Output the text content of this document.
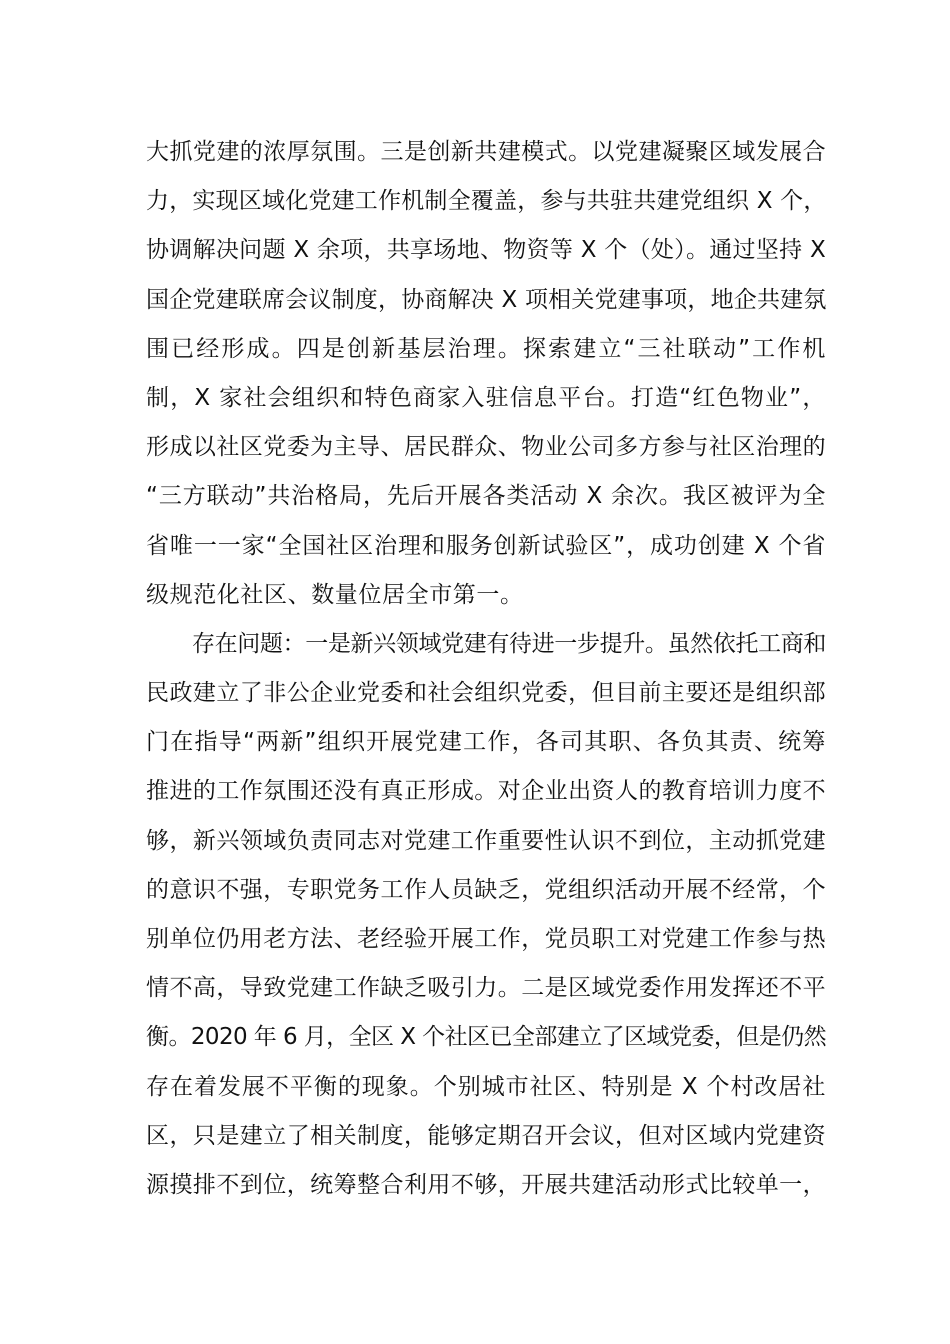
大抓党建的浓厚氛围。三是创新共建模式。以党建凝聚区域发展合
力，实现区域化党建工作机制全覆盖，参与共驻共建党组织 X 个，
协调解决问题 X 余项，共享场地、物资等 X 个（处）。通过坚持 X
国企党建联席会议制度，协商解决 X 项相关党建事项，地企共建氛
围已经形成。四是创新基层治理。探索建立“三社联动”工作机
制，X 家社会组织和特色商家入驻信息平台。打造“红色物业”，
形成以社区党委为主导、居民群众、物业公司多方参与社区治理的
“三方联动”共治格局，先后开展各类活动 X 余次。我区被评为全
省唯一一家“全国社区治理和服务创新试验区”，成功创建 X 个省
级规范化社区、数量位居全市第一。
存在问题：一是新兴领域党建有待进一步提升。虽然依托工商和
民政建立了非公企业党委和社会组织党委，但目前主要还是组织部
门在指导“两新”组织开展党建工作，各司其职、各负其责、统筹
推进的工作氛围还没有真正形成。对企业出资人的教育培训力度不
够，新兴领域负责同志对党建工作重要性认识不到位，主动抓党建
的意识不强，专职党务工作人员缺乏，党组织活动开展不经常，个
别单位仍用老方法、老经验开展工作，党员职工对党建工作参与热
情不高，导致党建工作缺乏吸引力。二是区域党委作用发挥还不平
衡。2020 年 6 月，全区 X 个社区已全部建立了区域党委，但是仍然
存在着发展不平衡的现象。个别城市社区、特别是 X 个村改居社
区，只是建立了相关制度，能够定期召开会议，但对区域内党建资
源摸排不到位，统筹整合利用不够，开展共建活动形式比较单一，
